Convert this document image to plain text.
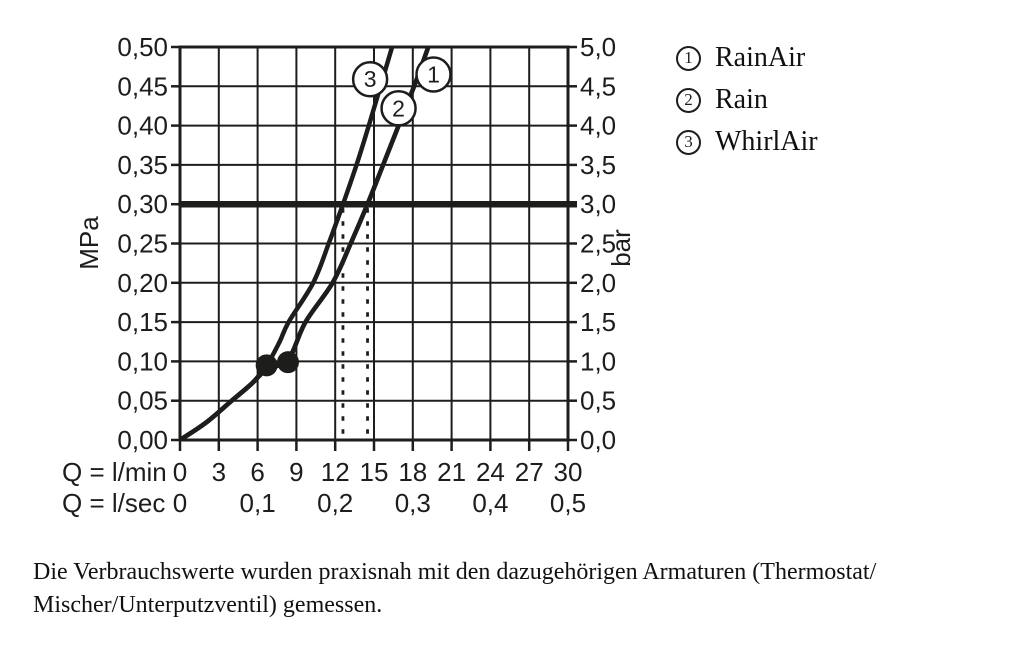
1
2
3
0,00
0,05
0,10
0,15
0,20
0,25
0,30
0,35
0,40
0,45
0,50
0,0
0,5
1,0
1,5
2,0
2,5
3,0
3,5
4,0
4,5
5,0
0 3 6 9 12 15 18 21 24 27 30
0 0,1 0,2 0,3 0,4 0,5
Q = l/min
Q = l/sec
MPa	bar
1 RainAir
2 Rain
3 WhirlAir

Die Verbrauchswerte wurden praxisnah mit den dazugehörigen Armaturen (Thermostat/
Mischer/Unterputzventil) gemessen.
